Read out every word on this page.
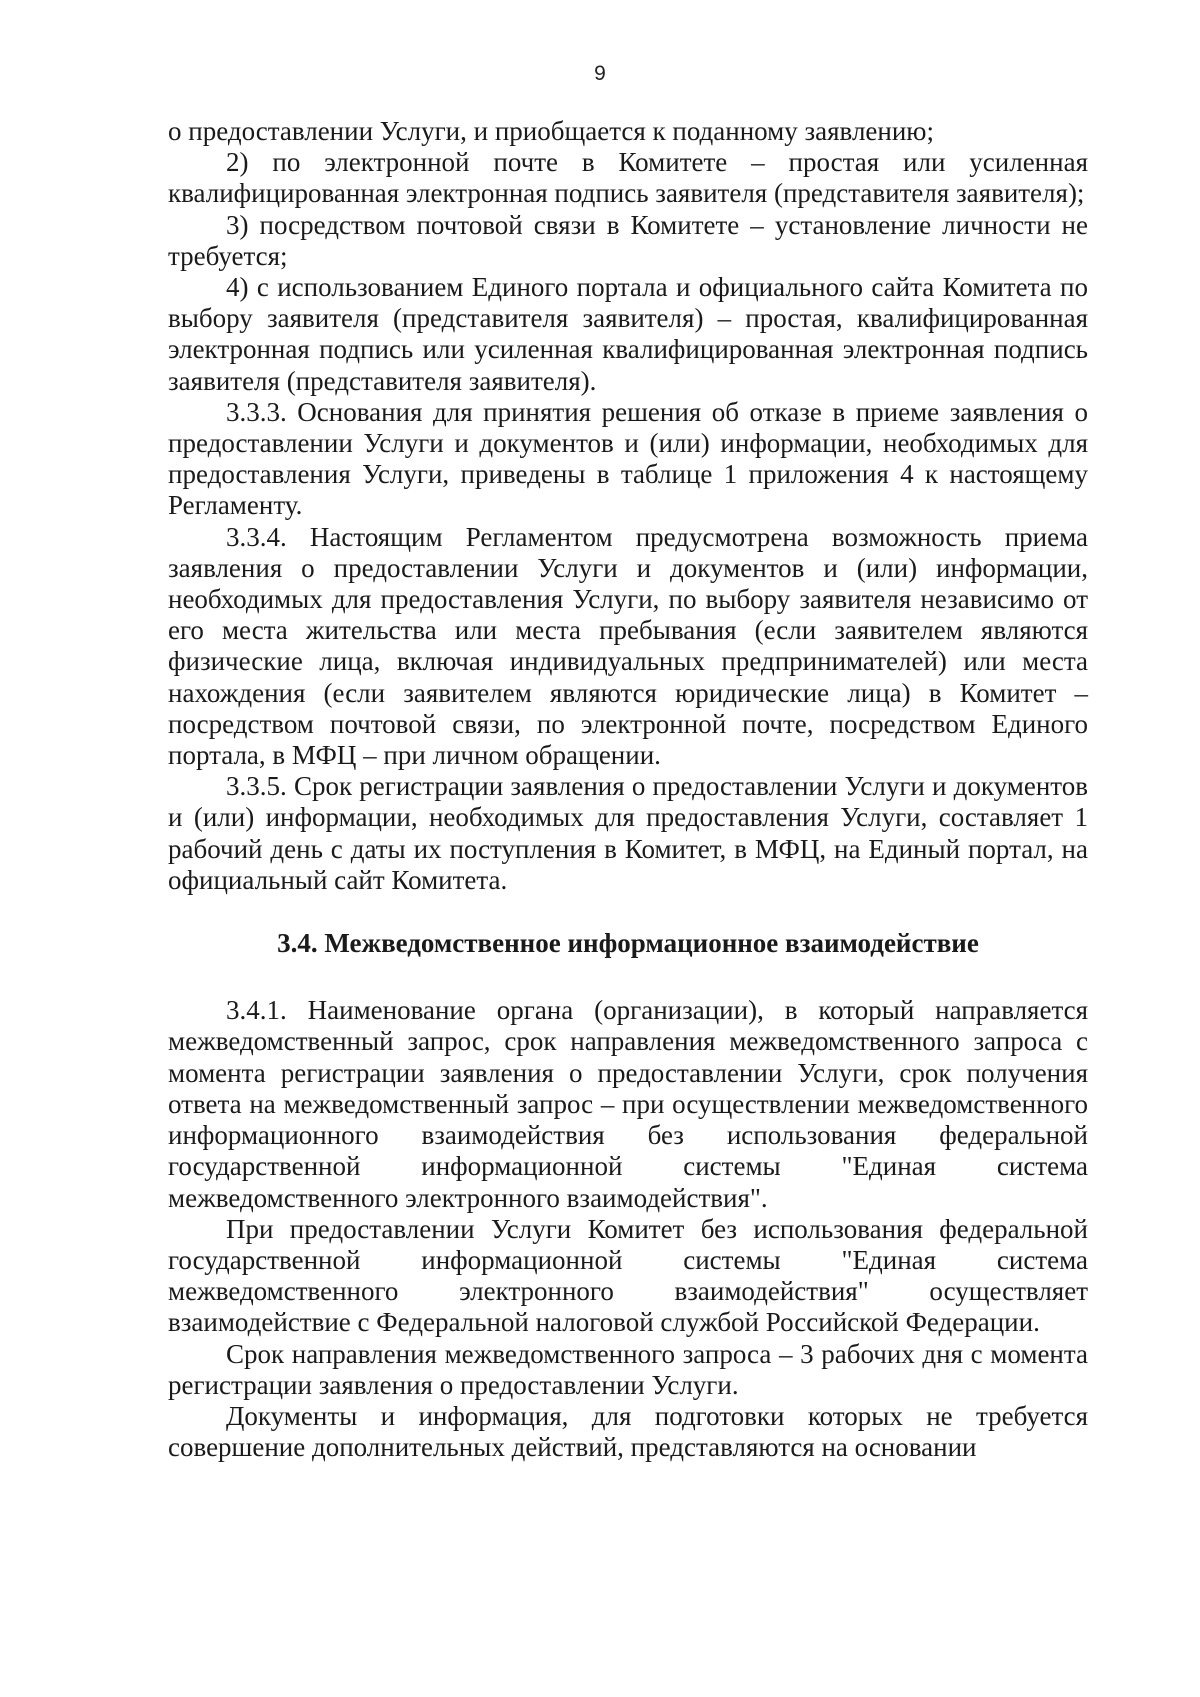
9

о предоставлении Услуги, и приобщается к поданному заявлению;

2) по электронной почте в Комитете – простая или усиленная квалифицированная электронная подпись заявителя (представителя заявителя);

3) посредством почтовой связи в Комитете – установление личности не требуется;

4) с использованием Единого портала и официального сайта Комитета по выбору заявителя (представителя заявителя) – простая, квалифицированная электронная подпись или усиленная квалифицированная электронная подпись заявителя (представителя заявителя).

3.3.3. Основания для принятия решения об отказе в приеме заявления о предоставлении Услуги и документов и (или) информации, необходимых для предоставления Услуги, приведены в таблице 1 приложения 4 к настоящему Регламенту.

3.3.4. Настоящим Регламентом предусмотрена возможность приема заявления о предоставлении Услуги и документов и (или) информации, необходимых для предоставления Услуги, по выбору заявителя независимо от его места жительства или места пребывания (если заявителем являются физические лица, включая индивидуальных предпринимателей) или места нахождения (если заявителем являются юридические лица) в Комитет – посредством почтовой связи, по электронной почте, посредством Единого портала, в МФЦ – при личном обращении.

3.3.5. Срок регистрации заявления о предоставлении Услуги и документов и (или) информации, необходимых для предоставления Услуги, составляет 1 рабочий день с даты их поступления в Комитет, в МФЦ, на Единый портал, на официальный сайт Комитета.

3.4. Межведомственное информационное взаимодействие

3.4.1. Наименование органа (организации), в который направляется межведомственный запрос, срок направления межведомственного запроса с момента регистрации заявления о предоставлении Услуги, срок получения ответа на межведомственный запрос – при осуществлении межведомственного информационного взаимодействия без использования федеральной государственной информационной системы "Единая система межведомственного электронного взаимодействия".

При предоставлении Услуги Комитет без использования федеральной государственной информационной системы "Единая система межведомственного электронного взаимодействия" осуществляет взаимодействие с Федеральной налоговой службой Российской Федерации.

Срок направления межведомственного запроса – 3 рабочих дня с момента регистрации заявления о предоставлении Услуги.

Документы и информация, для подготовки которых не требуется совершение дополнительных действий, представляются на основании
